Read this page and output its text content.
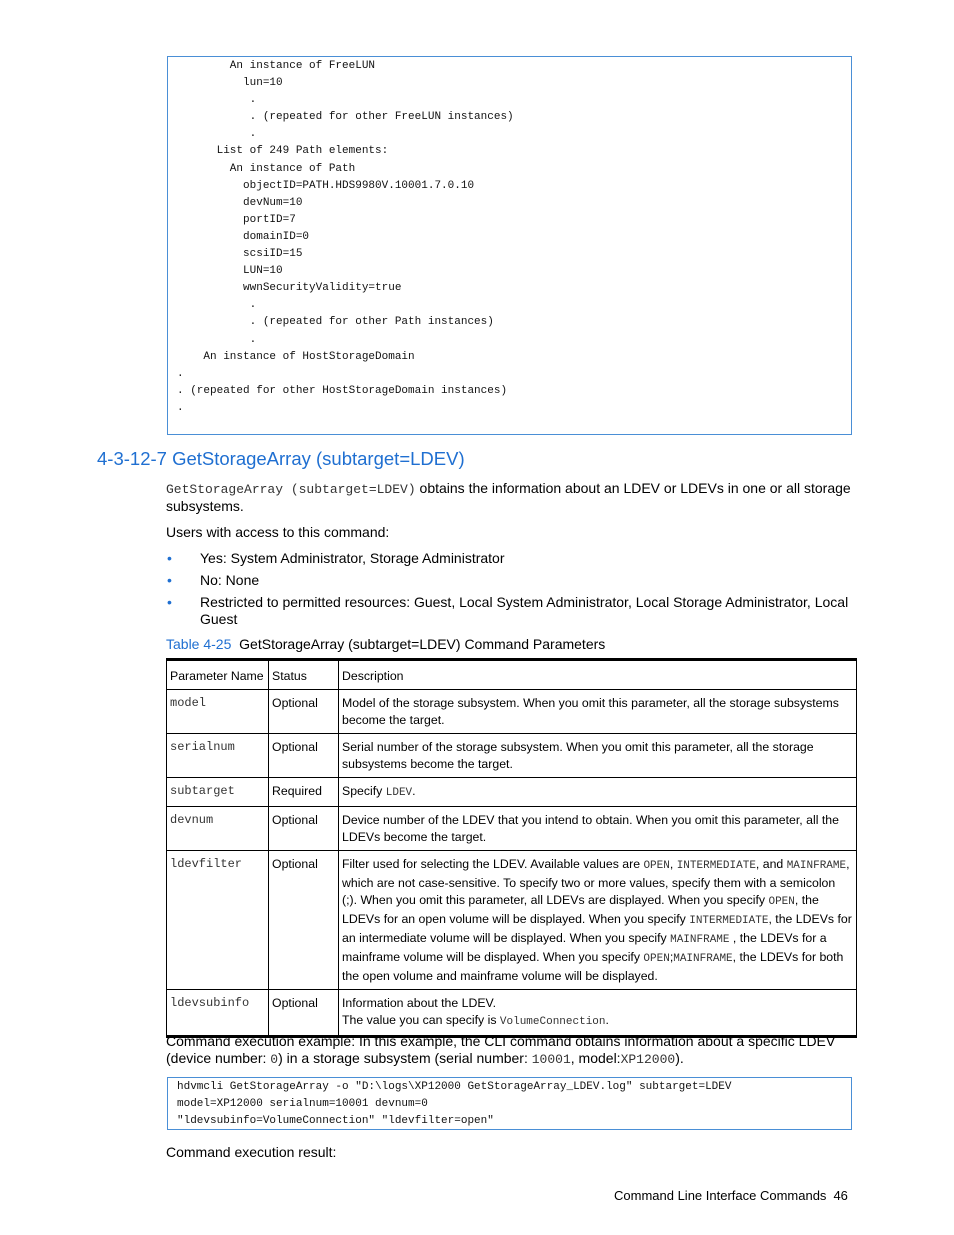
An instance of FreeLUN
lun=10
.
. (repeated for other FreeLUN instances)
.
List of 249 Path elements:
An instance of Path
objectID=PATH.HDS9980V.10001.7.0.10
devNum=10
portID=7
domainID=0
scsiID=15
LUN=10
wwnSecurityValidity=true
.
. (repeated for other Path instances)
.
An instance of HostStorageDomain
.
. (repeated for other HostStorageDomain instances)
.
4-3-12-7 GetStorageArray (subtarget=LDEV)

GetStorageArray (subtarget=LDEV) obtains the information about an LDEV or LDEVs in one or all storage subsystems.

Users with access to this command:

• Yes: System Administrator, Storage Administrator
• No: None
• Restricted to permitted resources: Guest, Local System Administrator, Local Storage Administrator, Local Guest
Table 4-25 GetStorageArray (subtarget=LDEV) Command Parameters
Parameter Name	Status	Description
model	Optional	Model of the storage subsystem. When you omit this parameter, all the storage subsystems become the target.
serialnum	Optional	Serial number of the storage subsystem. When you omit this parameter, all the storage subsystems become the target.
subtarget	Required	Specify LDEV.
devnum	Optional	Device number of the LDEV that you intend to obtain. When you omit this parameter, all the LDEVs become the target.
ldevfilter	Optional	Filter used for selecting the LDEV. Available values are OPEN, INTERMEDIATE, and MAINFRAME, which are not case-sensitive. To specify two or more values, specify them with a semicolon (;). When you omit this parameter, all LDEVs are displayed. When you specify OPEN, the LDEVs for an open volume will be displayed. When you specify INTERMEDIATE, the LDEVs for an intermediate volume will be displayed. When you specify MAINFRAME , the LDEVs for a mainframe volume will be displayed. When you specify OPEN;MAINFRAME, the LDEVs for both the open volume and mainframe volume will be displayed.
ldevsubinfo	Optional	Information about the LDEV.
The value you can specify is VolumeConnection.

Command execution example: In this example, the CLI command obtains information about a specific LDEV (device number: 0) in a storage subsystem (serial number: 10001, model:XP12000).

hdvmcli GetStorageArray -o "D:\logs\XP12000 GetStorageArray_LDEV.log" subtarget=LDEV
model=XP12000 serialnum=10001 devnum=0
"ldevsubinfo=VolumeConnection" "ldevfilter=open"

Command execution result:

Command Line Interface Commands 46
